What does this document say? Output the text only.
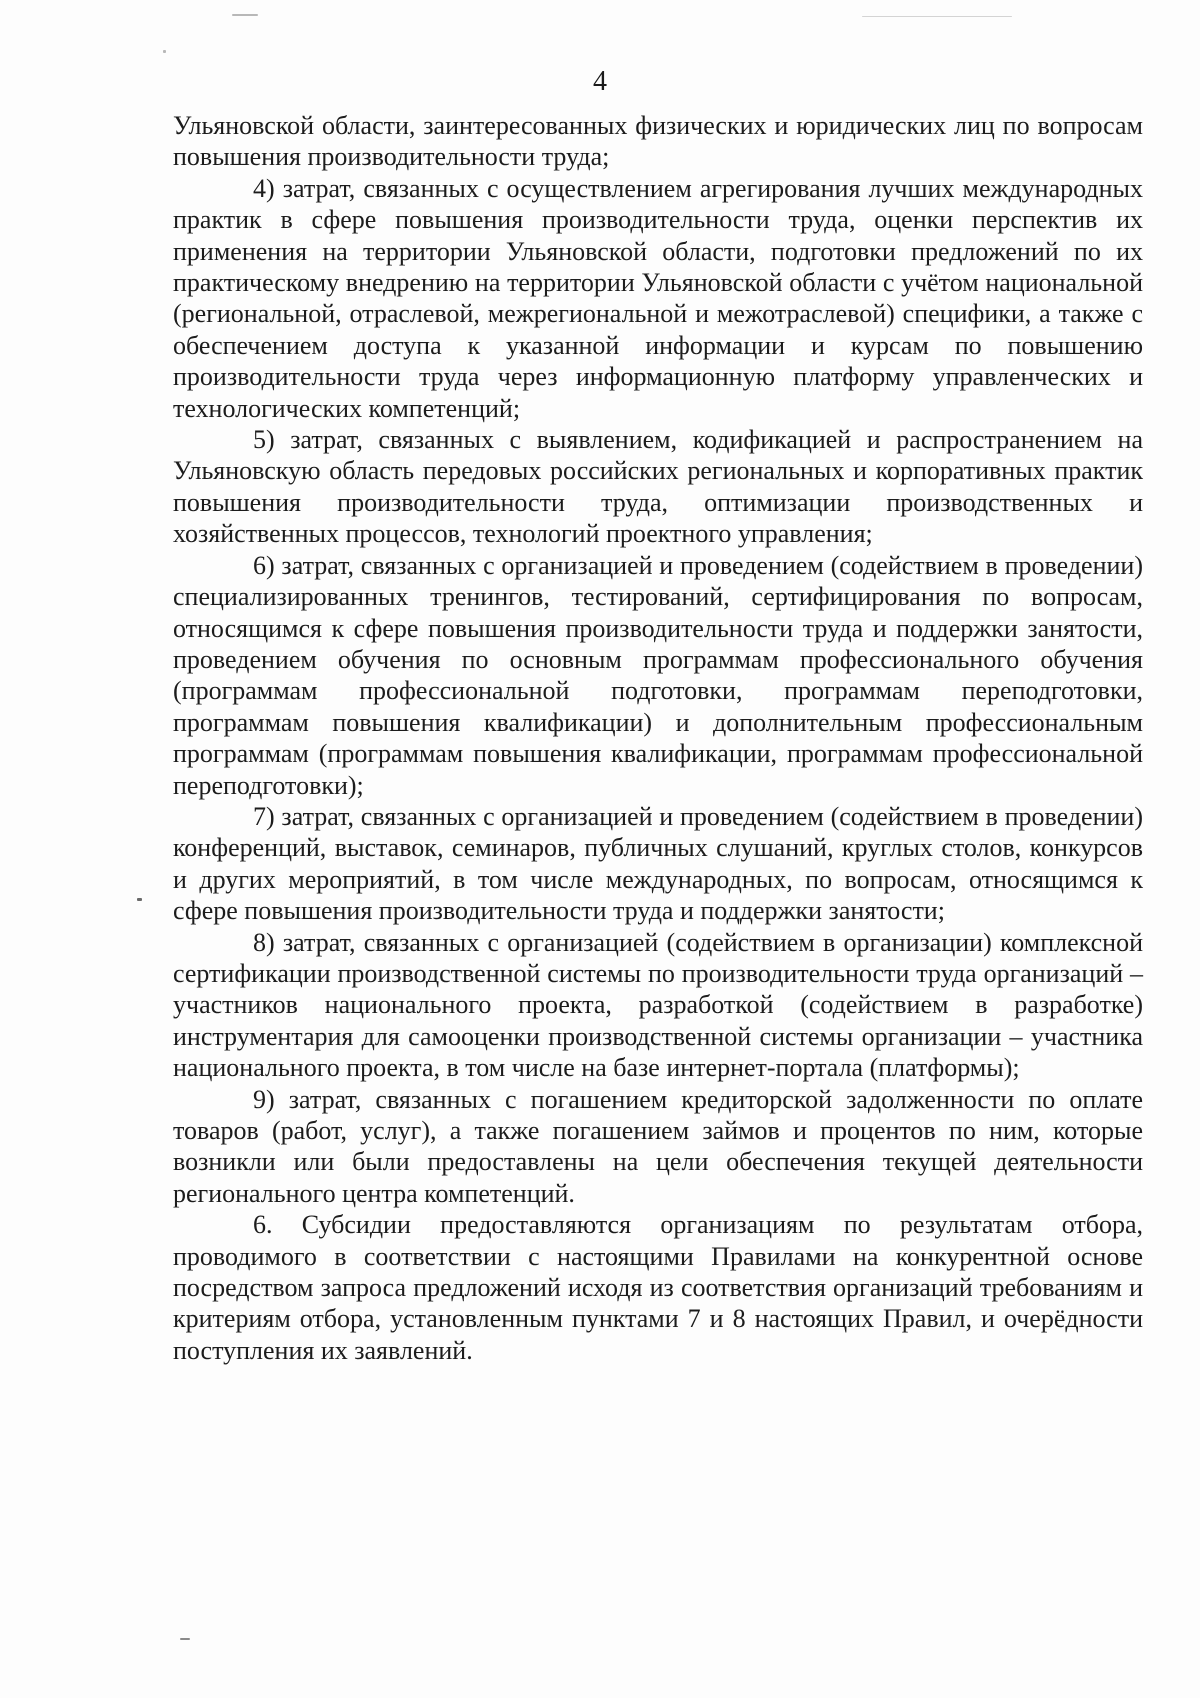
4

Ульяновской области, заинтересованных физических и юридических лиц по вопросам повышения производительности труда;

4) затрат, связанных с осуществлением агрегирования лучших международных практик в сфере повышения производительности труда, оценки перспектив их применения на территории Ульяновской области, подготовки предложений по их практическому внедрению на территории Ульяновской области с учётом национальной (региональной, отраслевой, межрегиональной и межотраслевой) специфики, а также с обеспечением доступа к указанной информации и курсам по повышению производительности труда через информационную платформу управленческих и технологических компетенций;

5) затрат, связанных с выявлением, кодификацией и распространением на Ульяновскую область передовых российских региональных и корпоративных практик повышения производительности труда, оптимизации производственных и хозяйственных процессов, технологий проектного управления;

6) затрат, связанных с организацией и проведением (содействием в проведении) специализированных тренингов, тестирований, сертифицирования по вопросам, относящимся к сфере повышения производительности труда и поддержки занятости, проведением обучения по основным программам профессионального обучения (программам профессиональной подготовки, программам переподготовки, программам повышения квалификации) и дополнительным профессиональным программам (программам повышения квалификации, программам профессиональной переподготовки);

7) затрат, связанных с организацией и проведением (содействием в проведении) конференций, выставок, семинаров, публичных слушаний, круглых столов, конкурсов и других мероприятий, в том числе международных, по вопросам, относящимся к сфере повышения производительности труда и поддержки занятости;

8) затрат, связанных с организацией (содействием в организации) комплексной сертификации производственной системы по производительности труда организаций – участников национального проекта, разработкой (содействием в разработке) инструментария для самооценки производственной системы организации – участника национального проекта, в том числе на базе интернет-портала (платформы);

9) затрат, связанных с погашением кредиторской задолженности по оплате товаров (работ, услуг), а также погашением займов и процентов по ним, которые возникли или были предоставлены на цели обеспечения текущей деятельности регионального центра компетенций.

6. Субсидии предоставляются организациям по результатам отбора, проводимого в соответствии с настоящими Правилами на конкурентной основе посредством запроса предложений исходя из соответствия организаций требованиям и критериям отбора, установленным пунктами 7 и 8 настоящих Правил, и очерёдности поступления их заявлений.
